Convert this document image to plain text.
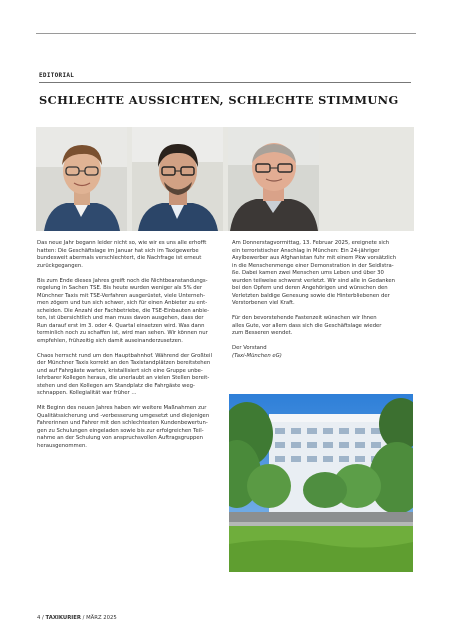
EDITORIAL
SCHLECHTE AUSSICHTEN, SCHLECHTE STIMMUNG

Das neue Jahr begann leider nicht so, wie wir es uns alle erhofft
hatten: Die Geschäftslage im Januar hat sich im Taxigewerbe
bundesweit abermals verschlechtert, die Nachfrage ist erneut
zurückgegangen.

Bis zum Ende dieses Jahres greift noch die Nichtbeanstandungs-
regelung in Sachen TSE. Bis heute wurden weniger als 5% der
Münchner Taxis mit TSE-Verfahren ausgerüstet, viele Unterneh-
men zögern und tun sich schwer, sich für einen Anbieter zu ent-
scheiden. Die Anzahl der Fachbetriebe, die TSE-Einbauten anbie-
ten, ist übersichtlich und man muss davon ausgehen, dass der
Run darauf erst im 3. oder 4. Quartal einsetzen wird. Was dann
terminlich noch zu schaffen ist, wird man sehen. Wir können nur
empfehlen, frühzeitig sich damit auseinanderzusetzen.

Chaos herrscht rund um den Hauptbahnhof. Während der Großteil
der Münchner Taxis korrekt an den Taxistandplätzen bereitstehen
und auf Fahrgäste warten, kristallisiert sich eine Gruppe unbe-
lehrbarer Kollegen heraus, die unerlaubt an vielen Stellen bereit-
stehen und den Kollegen am Standplatz die Fahrgäste weg-
schnappen. Kollegialität war früher ...

Mit Beginn des neuen Jahres haben wir weitere Maßnahmen zur
Qualitätssicherung und -verbesserung umgesetzt und diejenigen
Fahrerinnen und Fahrer mit den schlechtesten Kundenbewertun-
gen zu Schulungen eingeladen sowie bis zur erfolgreichen Teil-
nahme an der Schulung von anspruchsvollen Auftragsgruppen
herausgenommen.

Am Donnerstagvormittag, 13. Februar 2025, ereignete sich
ein terroristischer Anschlag in München: Ein 24-jähriger
Asylbewerber aus Afghanistan fuhr mit einem Pkw vorsätzlich
in die Menschenmenge einer Demonstration in der Seidlstra-
ße. Dabei kamen zwei Menschen ums Leben und über 30
wurden teilweise schwerst verletzt. Wir sind alle in Gedanken
bei den Opfern und deren Angehörigen und wünschen den
Verletzten baldige Genesung sowie die Hinterbliebenen der
Verstorbenen viel Kraft.

Für den bevorstehende Fastenzeit wünschen wir Ihnen
alles Gute, vor allem dass sich die Geschäftslage wieder
zum Besseren wendet.

Der Vorstand

(Taxi-München eG)

4 / TAXIKURIER / MÄRZ 2025
